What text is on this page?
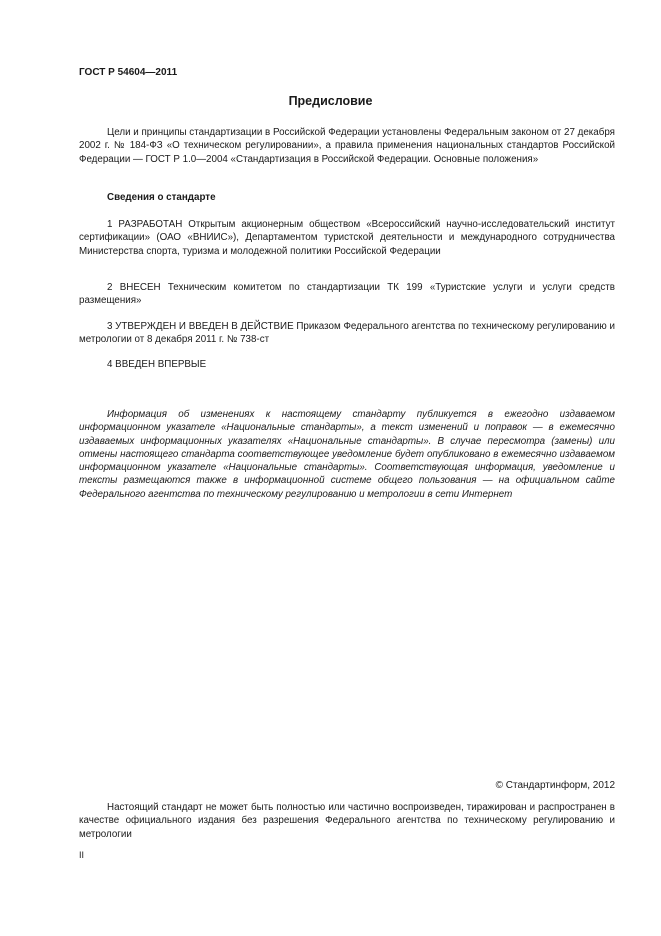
ГОСТ Р 54604—2011
Предисловие

Цели и принципы стандартизации в Российской Федерации установлены Федеральным законом от 27 декабря 2002 г. № 184-ФЗ «О техническом регулировании», а правила применения национальных стандартов Российской Федерации — ГОСТ Р 1.0—2004 «Стандартизация в Российской Федерации. Основные положения»

Сведения о стандарте

1 РАЗРАБОТАН Открытым акционерным обществом «Всероссийский научно-исследовательский институт сертификации» (ОАО «ВНИИС»), Департаментом туристской деятельности и международного сотрудничества Министерства спорта, туризма и молодежной политики Российской Федерации

2 ВНЕСЕН Техническим комитетом по стандартизации ТК 199 «Туристские услуги и услуги средств размещения»

3 УТВЕРЖДЕН И ВВЕДЕН В ДЕЙСТВИЕ Приказом Федерального агентства по техническому регулированию и метрологии от 8 декабря 2011 г. № 738-ст

4 ВВЕДЕН ВПЕРВЫЕ

Информация об изменениях к настоящему стандарту публикуется в ежегодно издаваемом информационном указателе «Национальные стандарты», а текст изменений и поправок — в ежемесячно издаваемых информационных указателях «Национальные стандарты». В случае пересмотра (замены) или отмены настоящего стандарта соответствующее уведомление будет опубликовано в ежемесячно издаваемом информационном указателе «Национальные стандарты». Соответствующая информация, уведомление и тексты размещаются также в информационной системе общего пользования — на официальном сайте Федерального агентства по техническому регулированию и метрологии в сети Интернет

© Стандартинформ, 2012

Настоящий стандарт не может быть полностью или частично воспроизведен, тиражирован и распространен в качестве официального издания без разрешения Федерального агентства по техническому регулированию и метрологии

II
